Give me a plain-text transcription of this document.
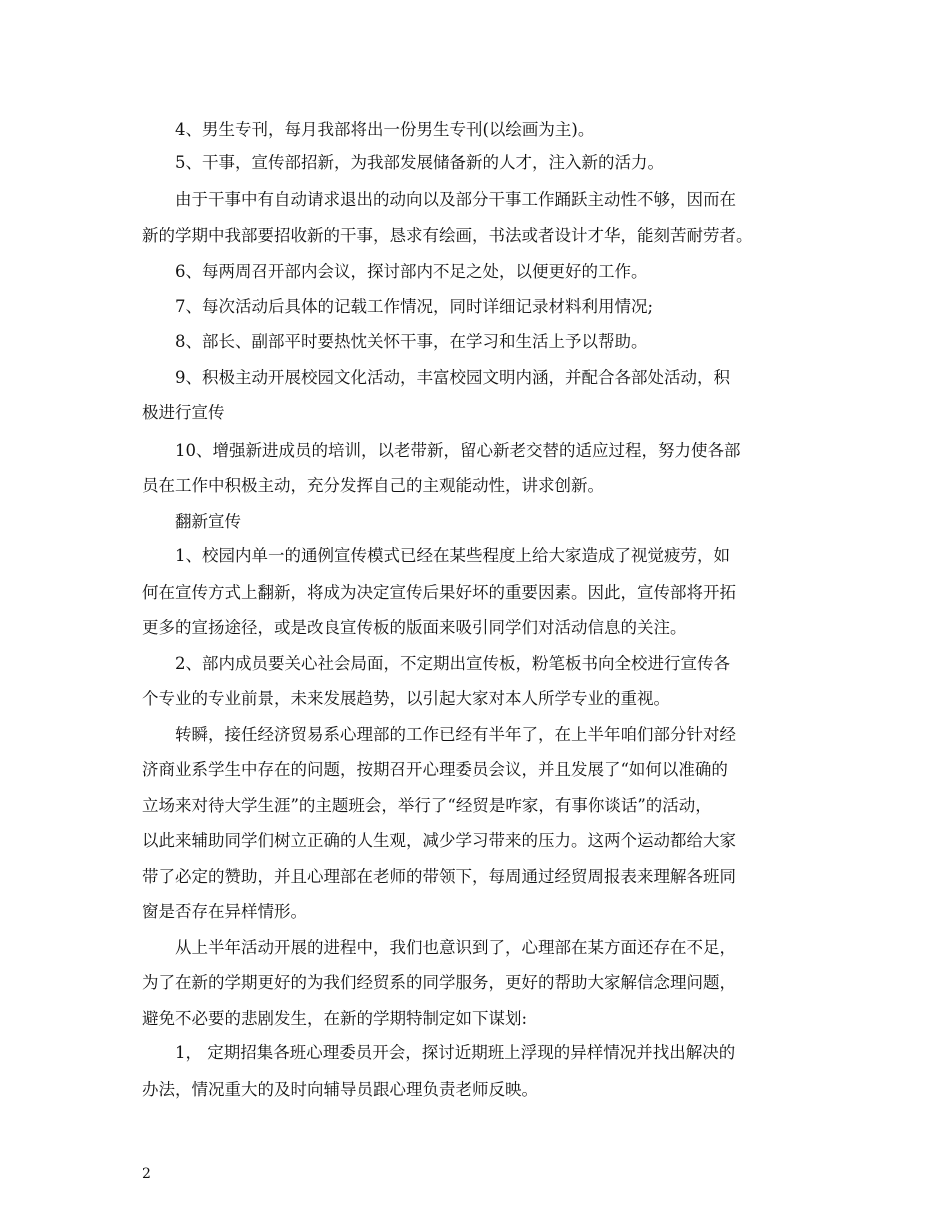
4、男生专刊，每月我部将出一份男生专刊(以绘画为主)。
5、干事，宣传部招新，为我部发展储备新的人才，注入新的活力。
由于干事中有自动请求退出的动向以及部分干事工作踊跃主动性不够，因而在
新的学期中我部要招收新的干事，恳求有绘画，书法或者设计才华，能刻苦耐劳者。
6、每两周召开部内会议，探讨部内不足之处，以便更好的工作。
7、每次活动后具体的记载工作情况，同时详细记录材料利用情况;
8、部长、副部平时要热忱关怀干事，在学习和生活上予以帮助。
9、积极主动开展校园文化活动，丰富校园文明内涵，并配合各部处活动，积
极进行宣传
10、增强新进成员的培训，以老带新，留心新老交替的适应过程，努力使各部
员在工作中积极主动，充分发挥自己的主观能动性，讲求创新。
翻新宣传
1、校园内单一的通例宣传模式已经在某些程度上给大家造成了视觉疲劳，如
何在宣传方式上翻新，将成为决定宣传后果好坏的重要因素。因此，宣传部将开拓
更多的宣扬途径，或是改良宣传板的版面来吸引同学们对活动信息的关注。
2、部内成员要关心社会局面，不定期出宣传板，粉笔板书向全校进行宣传各
个专业的专业前景，未来发展趋势，以引起大家对本人所学专业的重视。
转瞬，接任经济贸易系心理部的工作已经有半年了，在上半年咱们部分针对经
济商业系学生中存在的问题，按期召开心理委员会议，并且发展了“如何以准确的
立场来对待大学生涯”的主题班会，举行了“经贸是咋家，有事你谈话”的活动，
以此来辅助同学们树立正确的人生观，减少学习带来的压力。这两个运动都给大家
带了必定的赞助，并且心理部在老师的带领下，每周通过经贸周报表来理解各班同
窗是否存在异样情形。
从上半年活动开展的进程中，我们也意识到了，心理部在某方面还存在不足，
为了在新的学期更好的为我们经贸系的同学服务，更好的帮助大家解信念理问题，
避免不必要的悲剧发生，在新的学期特制定如下谋划:
1， 定期招集各班心理委员开会，探讨近期班上浮现的异样情况并找出解决的
办法，情况重大的及时向辅导员跟心理负责老师反映。
2
